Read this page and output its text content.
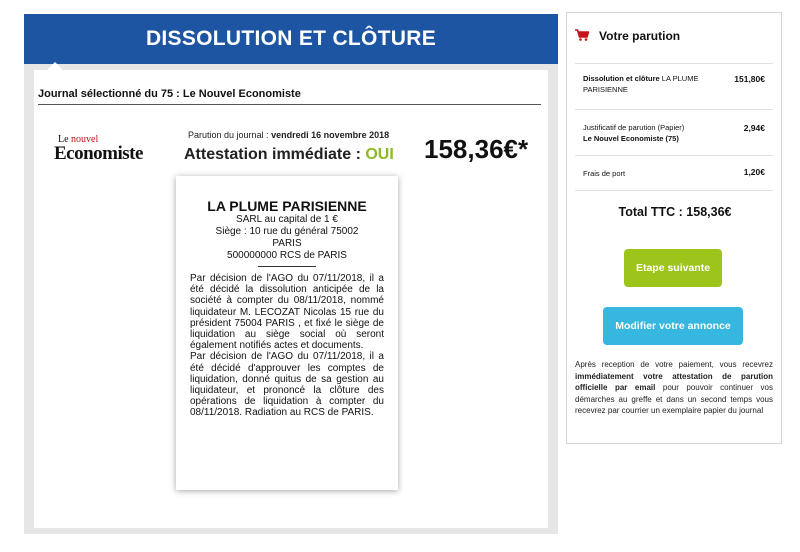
DISSOLUTION ET CLÔTURE
Journal sélectionné du 75 : Le Nouvel Economiste
Le nouvel
Economiste
Parution du journal : vendredi 16 novembre 2018
Attestation immédiate : OUI 158,36€*
LA PLUME PARISIENNE
SARL au capital de 1 €
Siège : 10 rue du général 75002
PARIS
500000000 RCS de PARIS
Par décision de l'AGO du 07/11/2018, il a été décidé la dissolution anticipée de la société à compter du 08/11/2018, nommé liquidateur M. LECOZAT Nicolas 15 rue du président 75004 PARIS , et fixé le siège de liquidation au siège social où seront également notifiés actes et documents.
Par décision de l'AGO du 07/11/2018, il a été décidé d'approuver les comptes de liquidation, donné quitus de sa gestion au liquidateur, et prononcé la clôture des opérations de liquidation à compter du 08/11/2018. Radiation au RCS de PARIS.
Votre parution
Dissolution et clôture LA PLUME PARISIENNE
151,80€
Justificatif de parution (Papier)
Le Nouvel Economiste (75)
2,94€
Frais de port	1,20€
Total TTC : 158,36€
Etape suivante
Modifier votre annonce
Après reception de votre paiement, vous recevrez immédiatement votre attestation de parution officielle par email pour pouvoir continuer vos démarches au greffe et dans un second temps vous recevrez par courrier un exemplaire papier du journal
